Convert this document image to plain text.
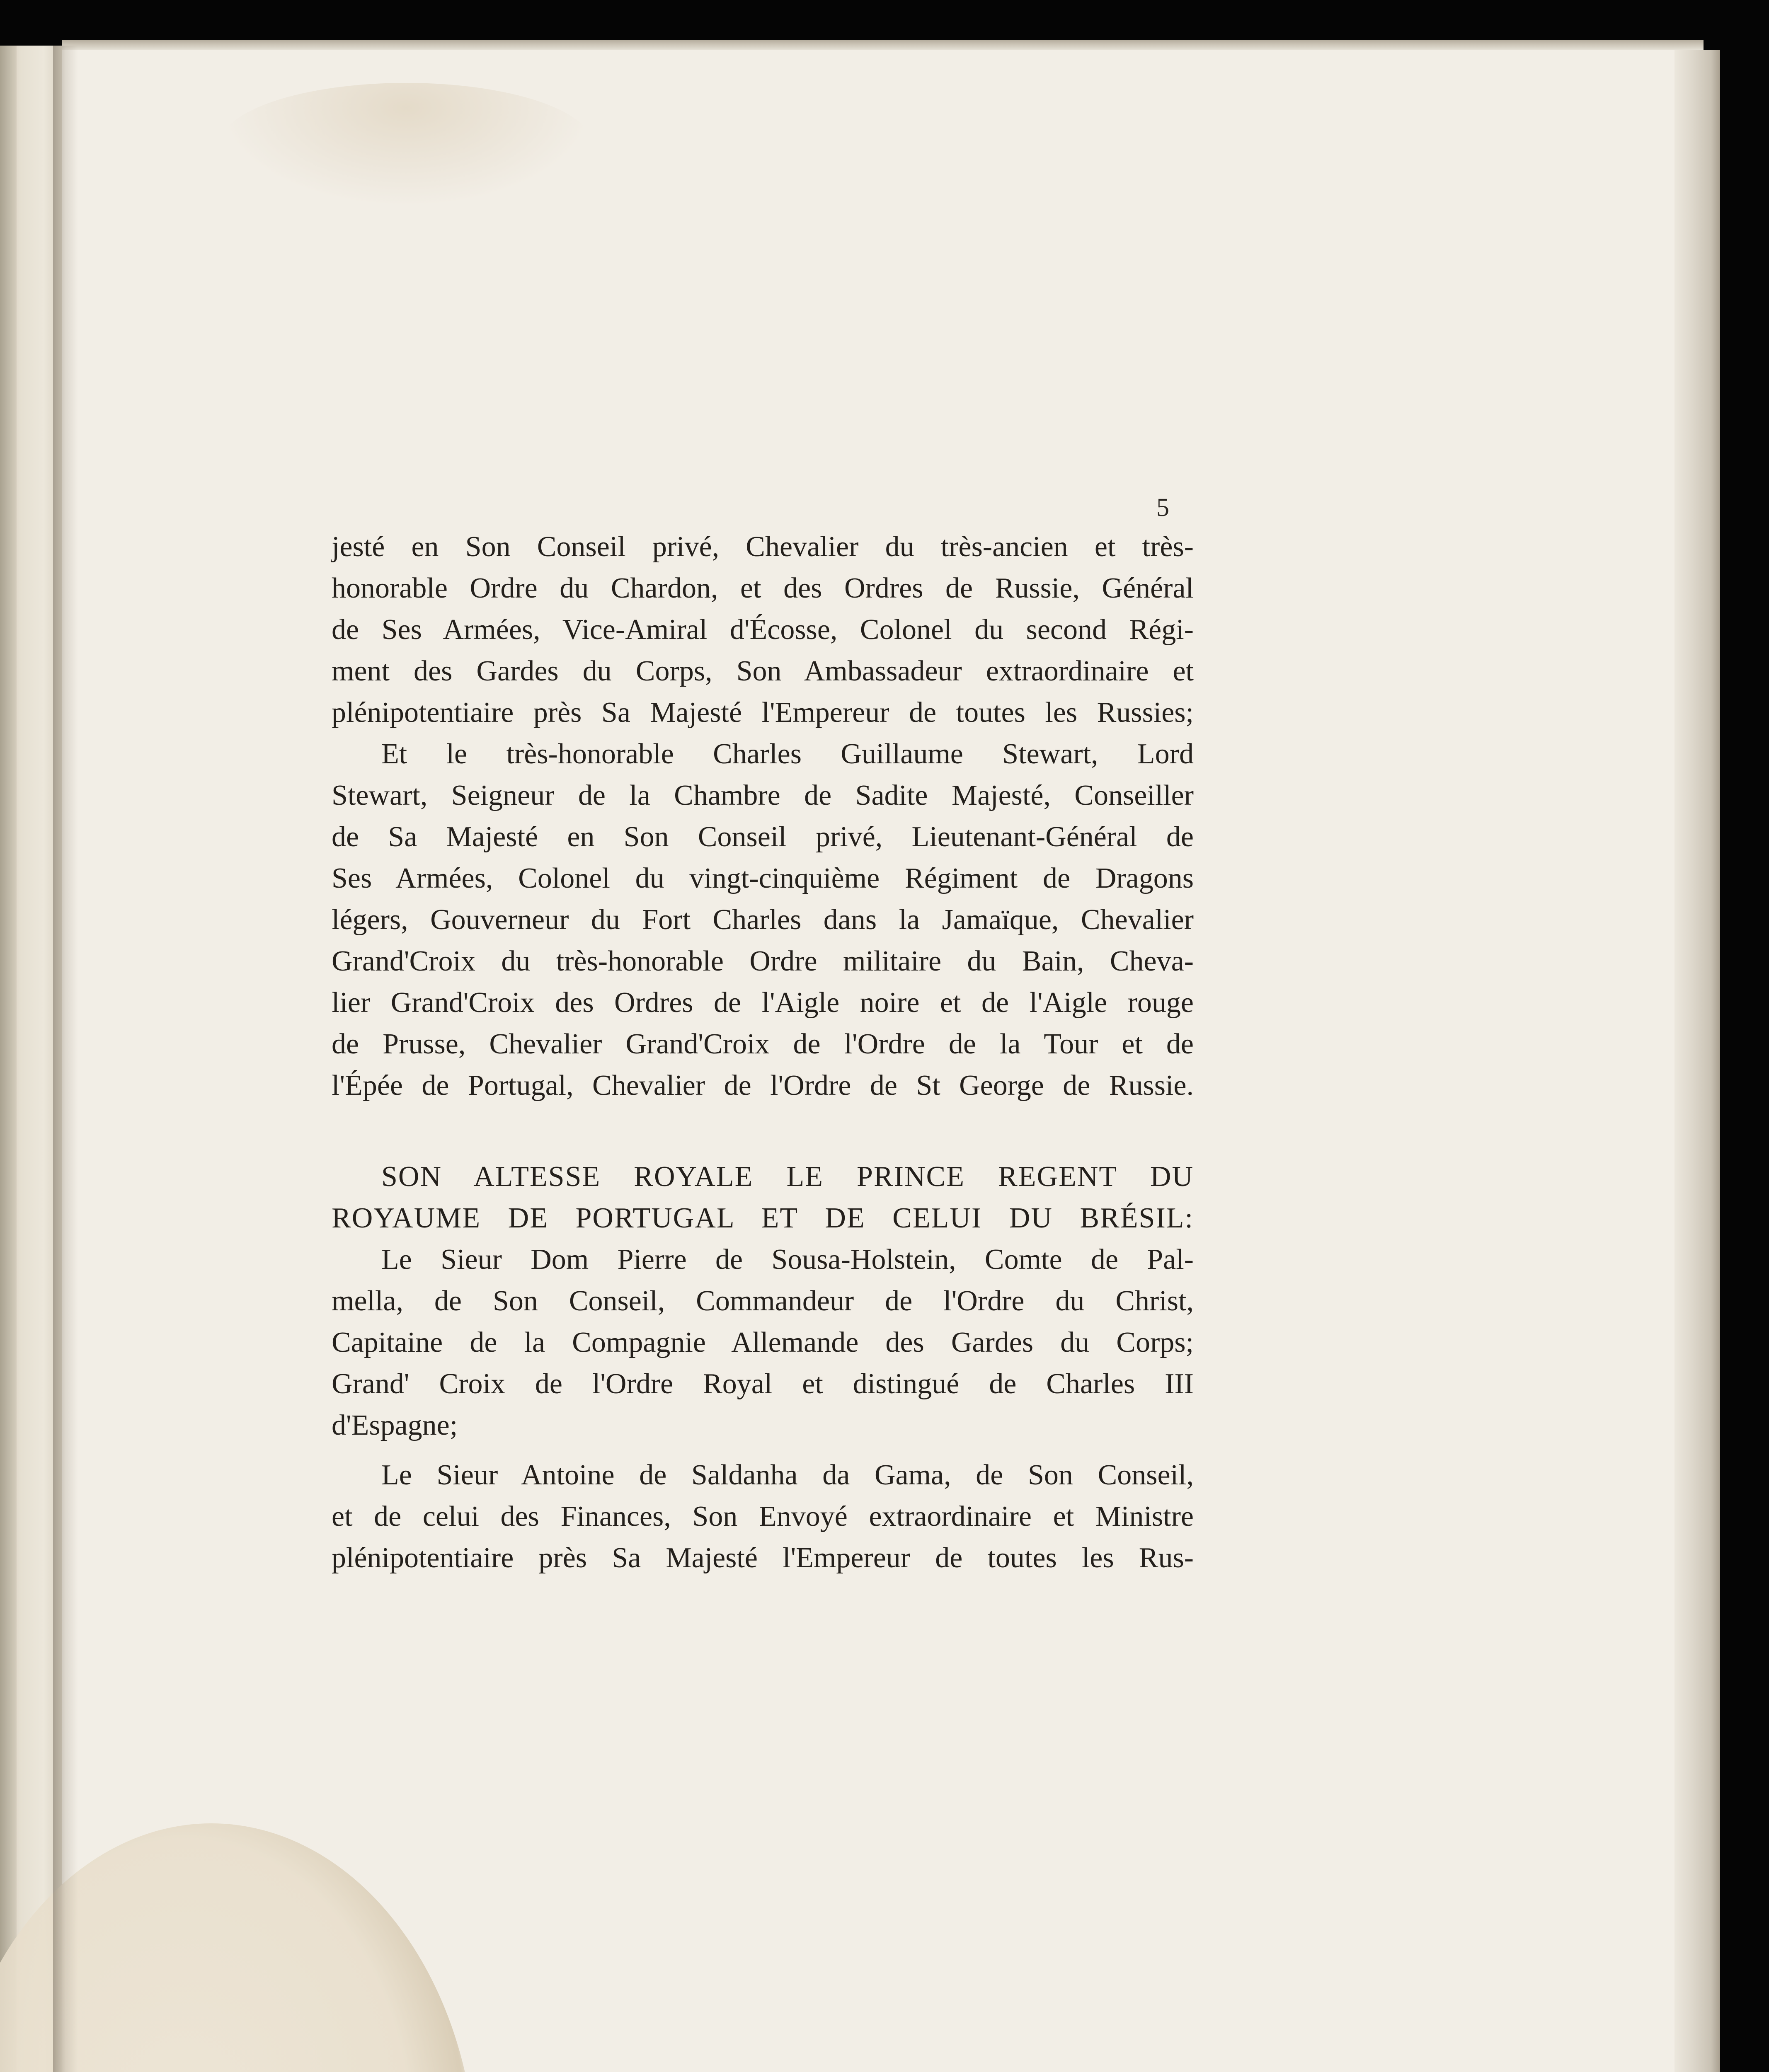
5
jesté en Son Conseil privé, Chevalier du très-ancien et très-
honorable Ordre du Chardon, et des Ordres de Russie, Général
de Ses Armées, Vice-Amiral d'Écosse, Colonel du second Régi-
ment des Gardes du Corps, Son Ambassadeur extraordinaire et
plénipotentiaire près Sa Majesté l'Empereur de toutes les Russies;
Et le très-honorable Charles Guillaume Stewart, Lord
Stewart, Seigneur de la Chambre de Sadite Majesté, Conseiller
de Sa Majesté en Son Conseil privé, Lieutenant-Général de
Ses Armées, Colonel du vingt-cinquième Régiment de Dragons
légers, Gouverneur du Fort Charles dans la Jamaïque, Chevalier
Grand'Croix du très-honorable Ordre militaire du Bain, Cheva-
lier Grand'Croix des Ordres de l'Aigle noire et de l'Aigle rouge
de Prusse, Chevalier Grand'Croix de l'Ordre de la Tour et de
l'Épée de Portugal, Chevalier de l'Ordre de St George de Russie.
SON ALTESSE ROYALE LE PRINCE REGENT DU
ROYAUME DE PORTUGAL ET DE CELUI DU BRÉSIL:
Le Sieur Dom Pierre de Sousa-Holstein, Comte de Pal-
mella, de Son Conseil, Commandeur de l'Ordre du Christ,
Capitaine de la Compagnie Allemande des Gardes du Corps;
Grand' Croix de l'Ordre Royal et distingué de Charles III
d'Espagne;
Le Sieur Antoine de Saldanha da Gama, de Son Conseil,
et de celui des Finances, Son Envoyé extraordinaire et Ministre
plénipotentiaire près Sa Majesté l'Empereur de toutes les Rus-
